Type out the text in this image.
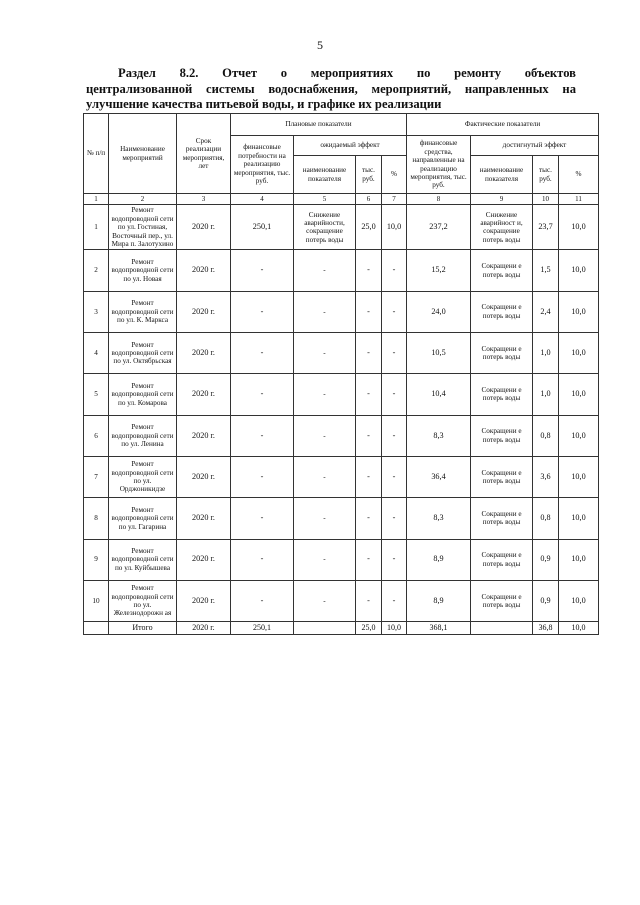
5
Раздел 8.2. Отчет о мероприятиях по ремонту объектов
централизованной системы водоснабжения, мероприятий, направленных на
улучшение качества питьевой воды, и графике их реализации
№ п/п	Наименование мероприятий	Срок реализации мероприятия, лет	Плановые показатели				Фактические показатели			
			финансовые потребности на реализацию мероприятия, тыс. руб.	ожидаемый эффект			финансовые средства, направленные на реализацию мероприятия, тыс. руб.	достигнутый эффект		
				наименование показателя	тыс. руб.	%		наименование показателя	тыс. руб.	%
1	2	3	4	5	6	7	8	9	10	11
1	Ремонт водопроводной сети по ул. Гостиная, Восточный пер., ул. Мира п. Залотухино	2020 г.	250,1	Снижение аварийности, сокращение потерь воды	25,0	10,0	237,2	Снижение аварийност и, сокращение потерь воды	23,7	10,0
2	Ремонт водопроводной сети по ул. Новая	2020 г.	-	-	-	-	15,2	Сокращени е потерь воды	1,5	10,0
3	Ремонт водопроводной сети по ул. К. Маркса	2020 г.	-	-	-	-	24,0	Сокращени е потерь воды	2,4	10,0
4	Ремонт водопроводной сети по ул. Октябрьская	2020 г.	-	-	-	-	10,5	Сокращени е потерь воды	1,0	10,0
5	Ремонт водопроводной сети по ул. Комарова	2020 г.	-	-	-	-	10,4	Сокращени е потерь воды	1,0	10,0
6	Ремонт водопроводной сети по ул. Ленина	2020 г.	-	-	-	-	8,3	Сокращени е потерь воды	0,8	10,0
7	Ремонт водопроводной сети по ул. Орджоникидзе	2020 г.	-	-	-	-	36,4	Сокращени е потерь воды	3,6	10,0
8	Ремонт водопроводной сети по ул. Гагарина	2020 г.	-	-	-	-	8,3	Сокращени е потерь воды	0,8	10,0
9	Ремонт водопроводной сети по ул. Куйбышева	2020 г.	-	-	-	-	8,9	Сокращени е потерь воды	0,9	10,0
10	Ремонт водопроводной сети по ул. Железнодорожн ая	2020 г.	-	-	-	-	8,9	Сокращени е потерь воды	0,9	10,0
	Итого	2020 г.	250,1		25,0	10,0	368,1		36,8	10,0
